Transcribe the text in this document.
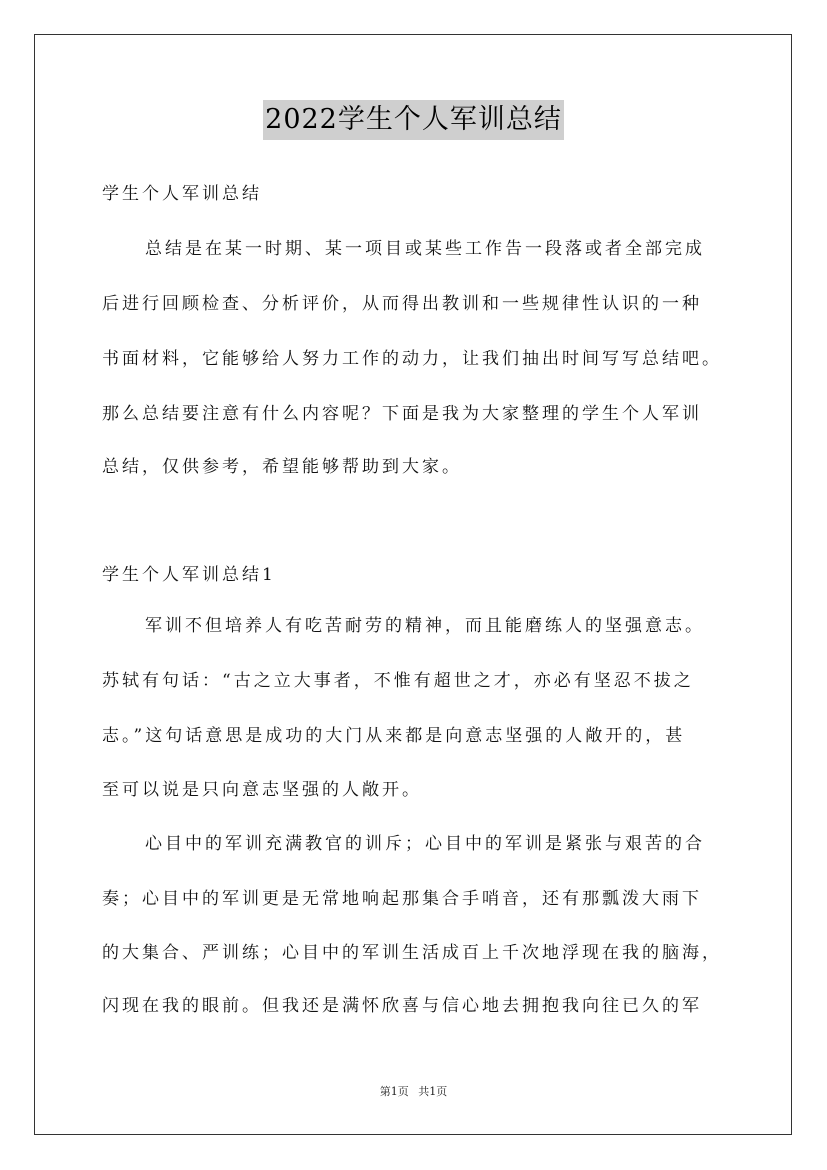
2022学生个人军训总结
学生个人军训总结
总结是在某一时期、某一项目或某些工作告一段落或者全部完成
后进行回顾检查、分析评价，从而得出教训和一些规律性认识的一种
书面材料，它能够给人努力工作的动力，让我们抽出时间写写总结吧。
那么总结要注意有什么内容呢？下面是我为大家整理的学生个人军训
总结，仅供参考，希望能够帮助到大家。
学生个人军训总结1
军训不但培养人有吃苦耐劳的精神，而且能磨练人的坚强意志。
苏轼有句话：“古之立大事者，不惟有超世之才，亦必有坚忍不拔之
志。”这句话意思是成功的大门从来都是向意志坚强的人敞开的，甚
至可以说是只向意志坚强的人敞开。
心目中的军训充满教官的训斥；心目中的军训是紧张与艰苦的合
奏；心目中的军训更是无常地响起那集合手哨音，还有那瓢泼大雨下
的大集合、严训练；心目中的军训生活成百上千次地浮现在我的脑海，
闪现在我的眼前。但我还是满怀欣喜与信心地去拥抱我向往已久的军
第1页 共1页
